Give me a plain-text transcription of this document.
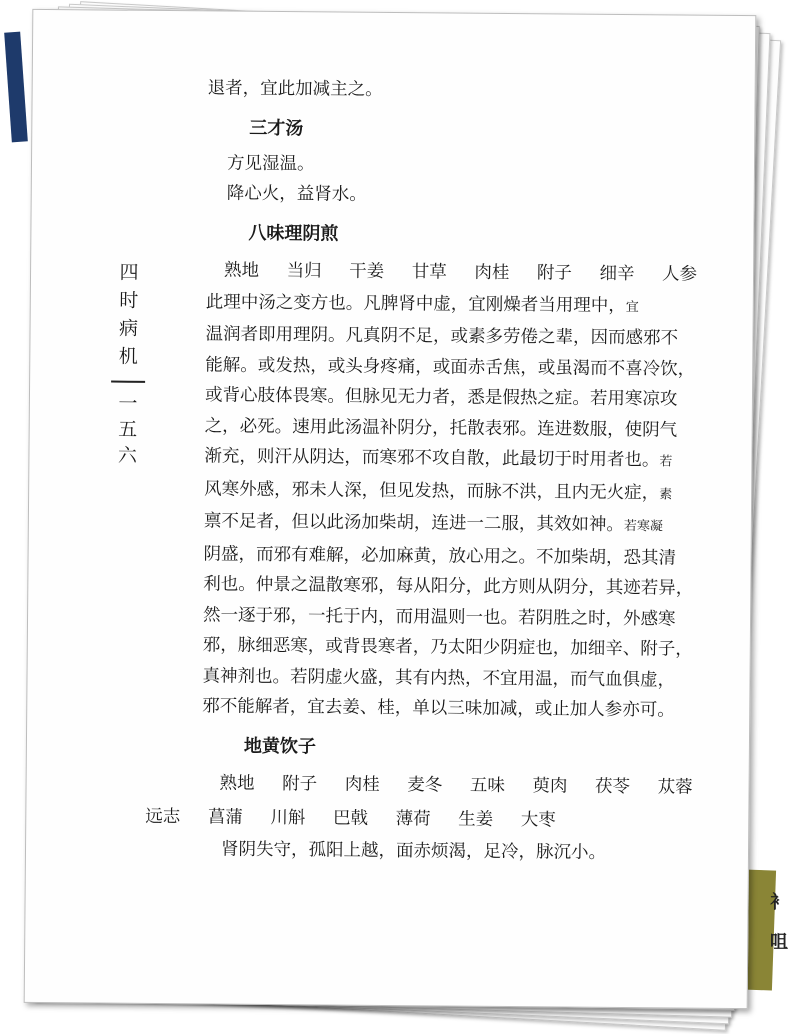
衤
咀
四
时
病
机
一
五
六
退者，宜此加减主之。
三才汤
方见湿温。
降心火，益肾水。
八味理阴煎
熟地 当归 干姜 甘草 肉桂 附子 细辛 人参
此理中汤之变方也。凡脾肾中虚，宜刚燥者当用理中，宜
温润者即用理阴。凡真阴不足，或素多劳倦之辈，因而感邪不
能解。或发热，或头身疼痛，或面赤舌焦，或虽渴而不喜冷饮，
或背心肢体畏寒。但脉见无力者，悉是假热之症。若用寒凉攻
之，必死。速用此汤温补阴分，托散表邪。连进数服，使阴气
渐充，则汗从阴达，而寒邪不攻自散，此最切于时用者也。若
风寒外感，邪未人深，但见发热，而脉不洪，且内无火症，素
禀不足者，但以此汤加柴胡，连进一二服，其效如神。若寒凝
阴盛，而邪有难解，必加麻黄，放心用之。不加柴胡，恐其清
利也。仲景之温散寒邪，每从阳分，此方则从阴分，其迹若异，
然一逐于邪，一托于内，而用温则一也。若阴胜之时，外感寒
邪，脉细恶寒，或背畏寒者，乃太阳少阴症也，加细辛、附子，
真神剂也。若阴虚火盛，其有内热，不宜用温，而气血俱虚，
邪不能解者，宜去姜、桂，单以三味加减，或止加人参亦可。
地黄饮子
熟地 附子 肉桂 麦冬 五味 萸肉 茯苓 苁蓉
远志 菖蒲 川斛 巴戟 薄荷 生姜 大枣
肾阴失守，孤阳上越，面赤烦渴，足冷，脉沉小。
